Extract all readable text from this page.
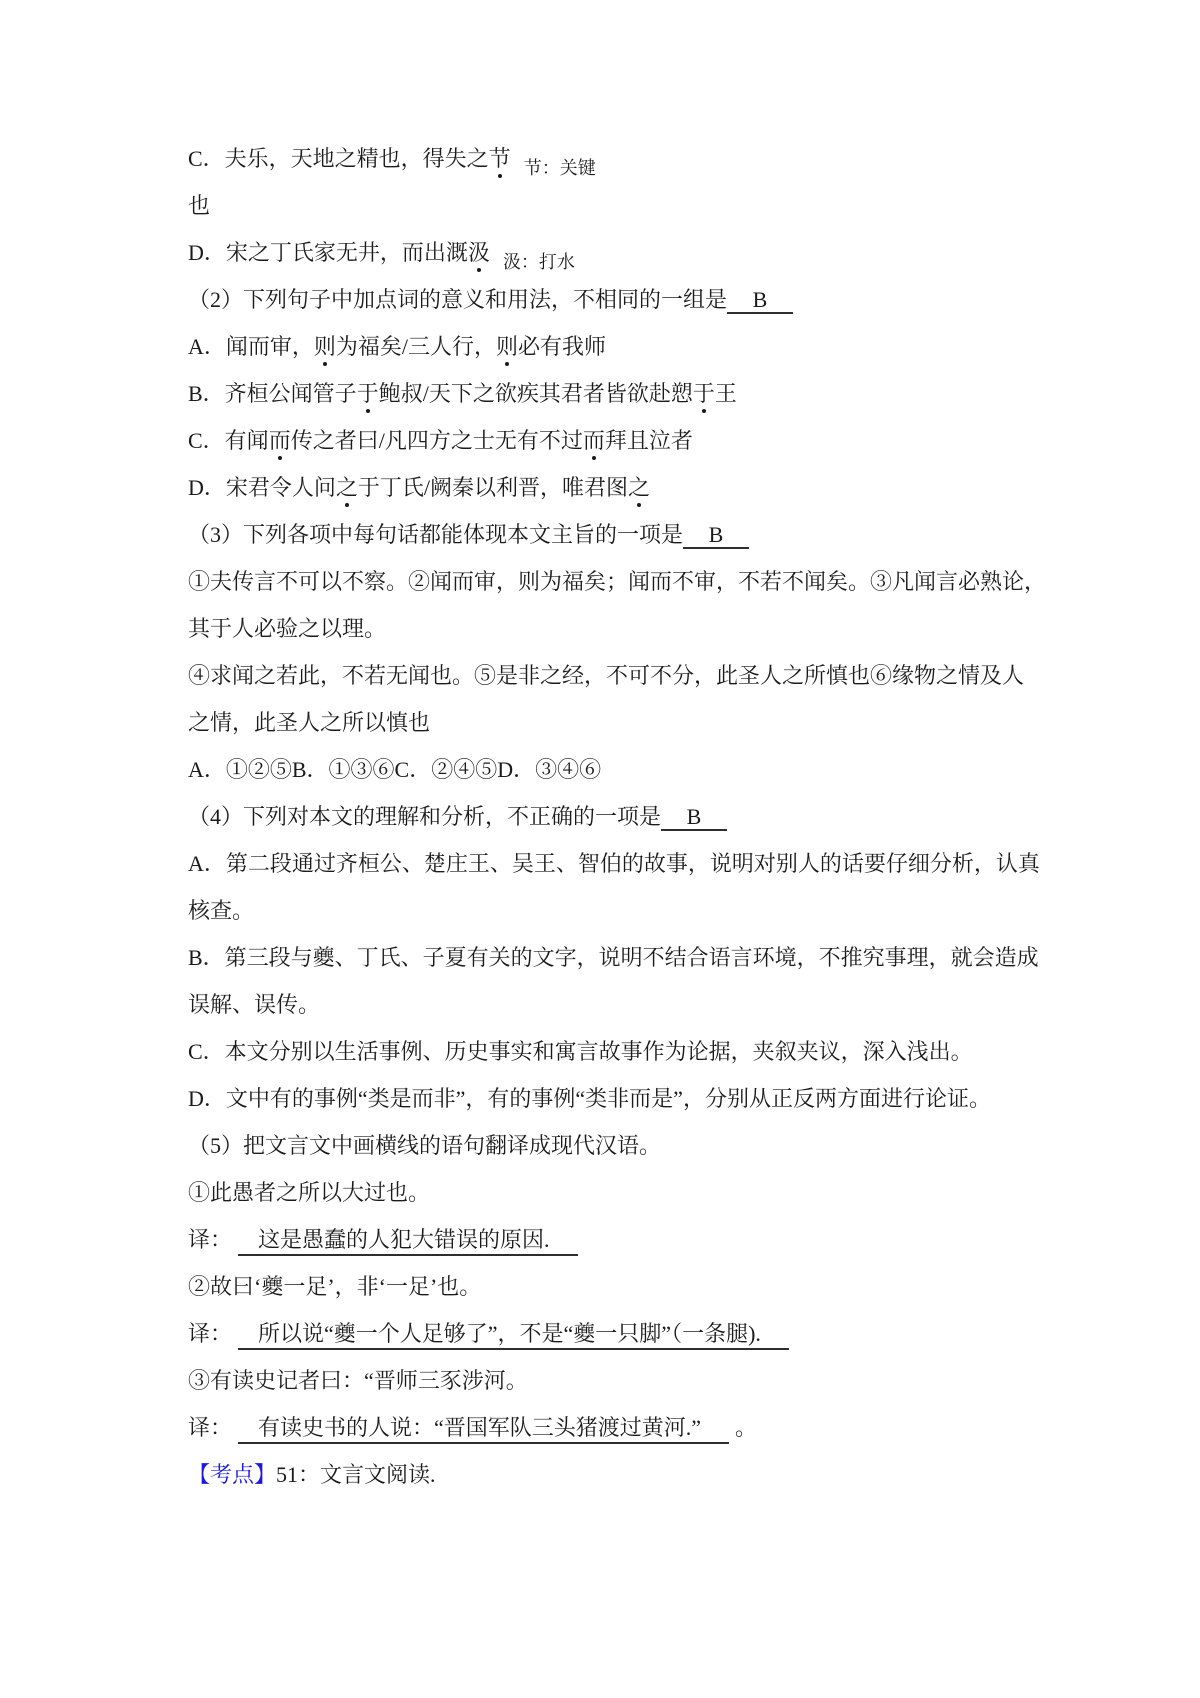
C．夫乐，天地之精也，得失之节 $_{节:关键}$
也
D．宋之丁氏家无井，而出溉汲 $_{汲:打水}$
（2）下列句子中加点词的意义和用法，不相同的一组是 B
A．闻而审，则为福矣/三人行，则必有我师
B．齐桓公闻管子于鲍叔/天下之欲疾其君者皆欲赴愬于王
C．有闻而传之者曰/凡四方之士无有不过而拜且泣者
D．宋君令人问之于丁氏/阙秦以利晋，唯君图之
（3）下列各项中每句话都能体现本文主旨的一项是 B
①夫传言不可以不察。②闻而审，则为福矣；闻而不审，不若不闻矣。③凡闻言必熟论，
其于人必验之以理。
④求闻之若此，不若无闻也。⑤是非之经，不可不分，此圣人之所慎也⑥缘物之情及人
之情，此圣人之所以慎也
A．①②⑤B．①③⑥C．②④⑤D．③④⑥
（4）下列对本文的理解和分析，不正确的一项是 B
A．第二段通过齐桓公、楚庄王、吴王、智伯的故事，说明对别人的话要仔细分析，认真
核查。
B．第三段与夔、丁氏、子夏有关的文字，说明不结合语言环境，不推究事理，就会造成
误解、误传。
C．本文分别以生活事例、历史事实和寓言故事作为论据，夹叙夹议，深入浅出。
D．文中有的事例“类是而非”，有的事例“类非而是”，分别从正反两方面进行论证。
（5）把文言文中画横线的语句翻译成现代汉语。
①此愚者之所以大过也。
译： 这是愚蠢的人犯大错误的原因.
②故曰‘夔一足’，非‘一足’也。
译： 所以说“夔一个人足够了”，不是“夔一只脚”（一条腿).
③有读史记者曰：“晋师三豕涉河。
译： 有读史书的人说：“晋国军队三头猪渡过黄河.” 。
【考点】51：文言文阅读.
